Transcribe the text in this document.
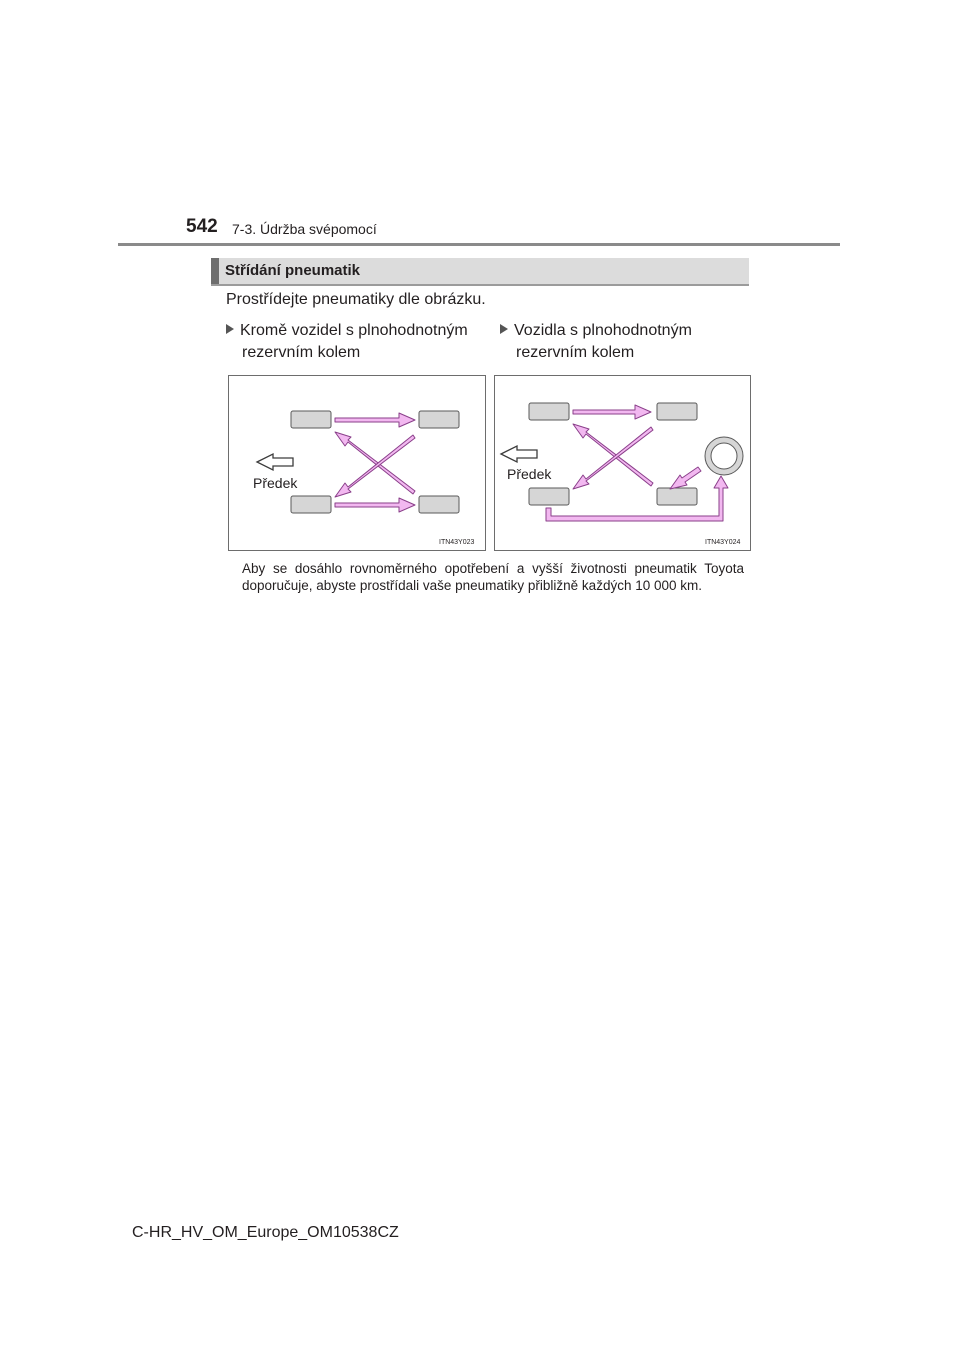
542 7-3. Údržba svépomocí
Střídání pneumatik
Prostřídejte pneumatiky dle obrázku.
Kromě vozidel s plnohodnotným
rezervním kolem
Vozidla s plnohodnotným
rezervním kolem
Předek
ITN43Y023
Předek
ITN43Y024
Aby se dosáhlo rovnoměrného opotřebení a vyšší životnosti pneumatik Toyota doporučuje, abyste prostřídali vaše pneumatiky přibližně každých 10 000 km.
C-HR_HV_OM_Europe_OM10538CZ
